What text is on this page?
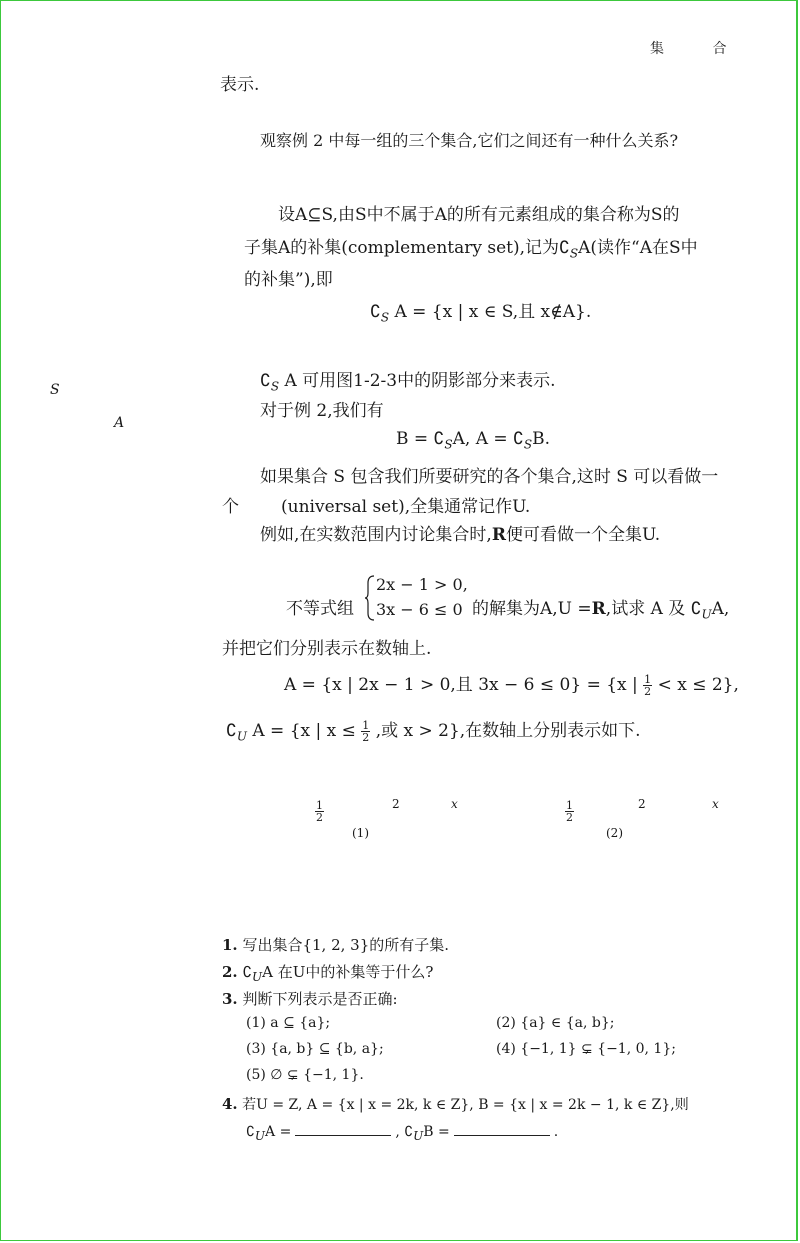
集 合
表示.
观察例 2 中每一组的三个集合,它们之间还有一种什么关系?
设A⊆S,由S中不属于A的所有元素组成的集合称为S的
子集A的补集(complementary set),记为$∁_SA$(读作“A在S中
的补集”),即
$∁_S$ A = {x | x ∈ S,且 x∉A}.
S
A
$∁_S$ A 可用图1-2-3中的阴影部分来表示.
对于例 2,我们有
$B = ∁_SA$, $A = ∁_SB$.
如果集合 S 包含我们所要研究的各个集合,这时 S 可以看做一
个 (universal set),全集通常记作U.
例如,在实数范围内讨论集合时,R便可看做一个全集U.
不等式组
2x − 1 > 0,
3x − 6 ≤ 0 的解集为A,U =R,试求 A 及 $∁_UA$,
并把它们分别表示在数轴上.
A = {x | 2x − 1 > 0,且 3x − 6 ≤ 0} = {x | $\frac{1}{2} < x \le 2$},
$∁_U$ A = {x | $x \le \frac{1}{2}$ ,或 x > 2},在数轴上分别表示如下.
$\frac{1}{2}$	2	x
(1)
$\frac{1}{2}$	2	x
(2)
1. 写出集合{1, 2, 3}的所有子集.
2. $∁_UA$ 在U中的补集等于什么?
3. 判断下列表示是否正确:
(1) a ⊆ {a};	(2) {a} ∈ {a, b};
(3) {a, b} ⊆ {b, a};	(4) {−1, 1} ⊊ {−1, 0, 1};
(5) ∅ ⊊ {−1, 1}.
4. 若U = Z, A = {x | x = 2k, k ∈ Z}, B = {x | x = 2k − 1, k ∈ Z},则
$∁_UA$ =	, $∁_UB$ =	.
